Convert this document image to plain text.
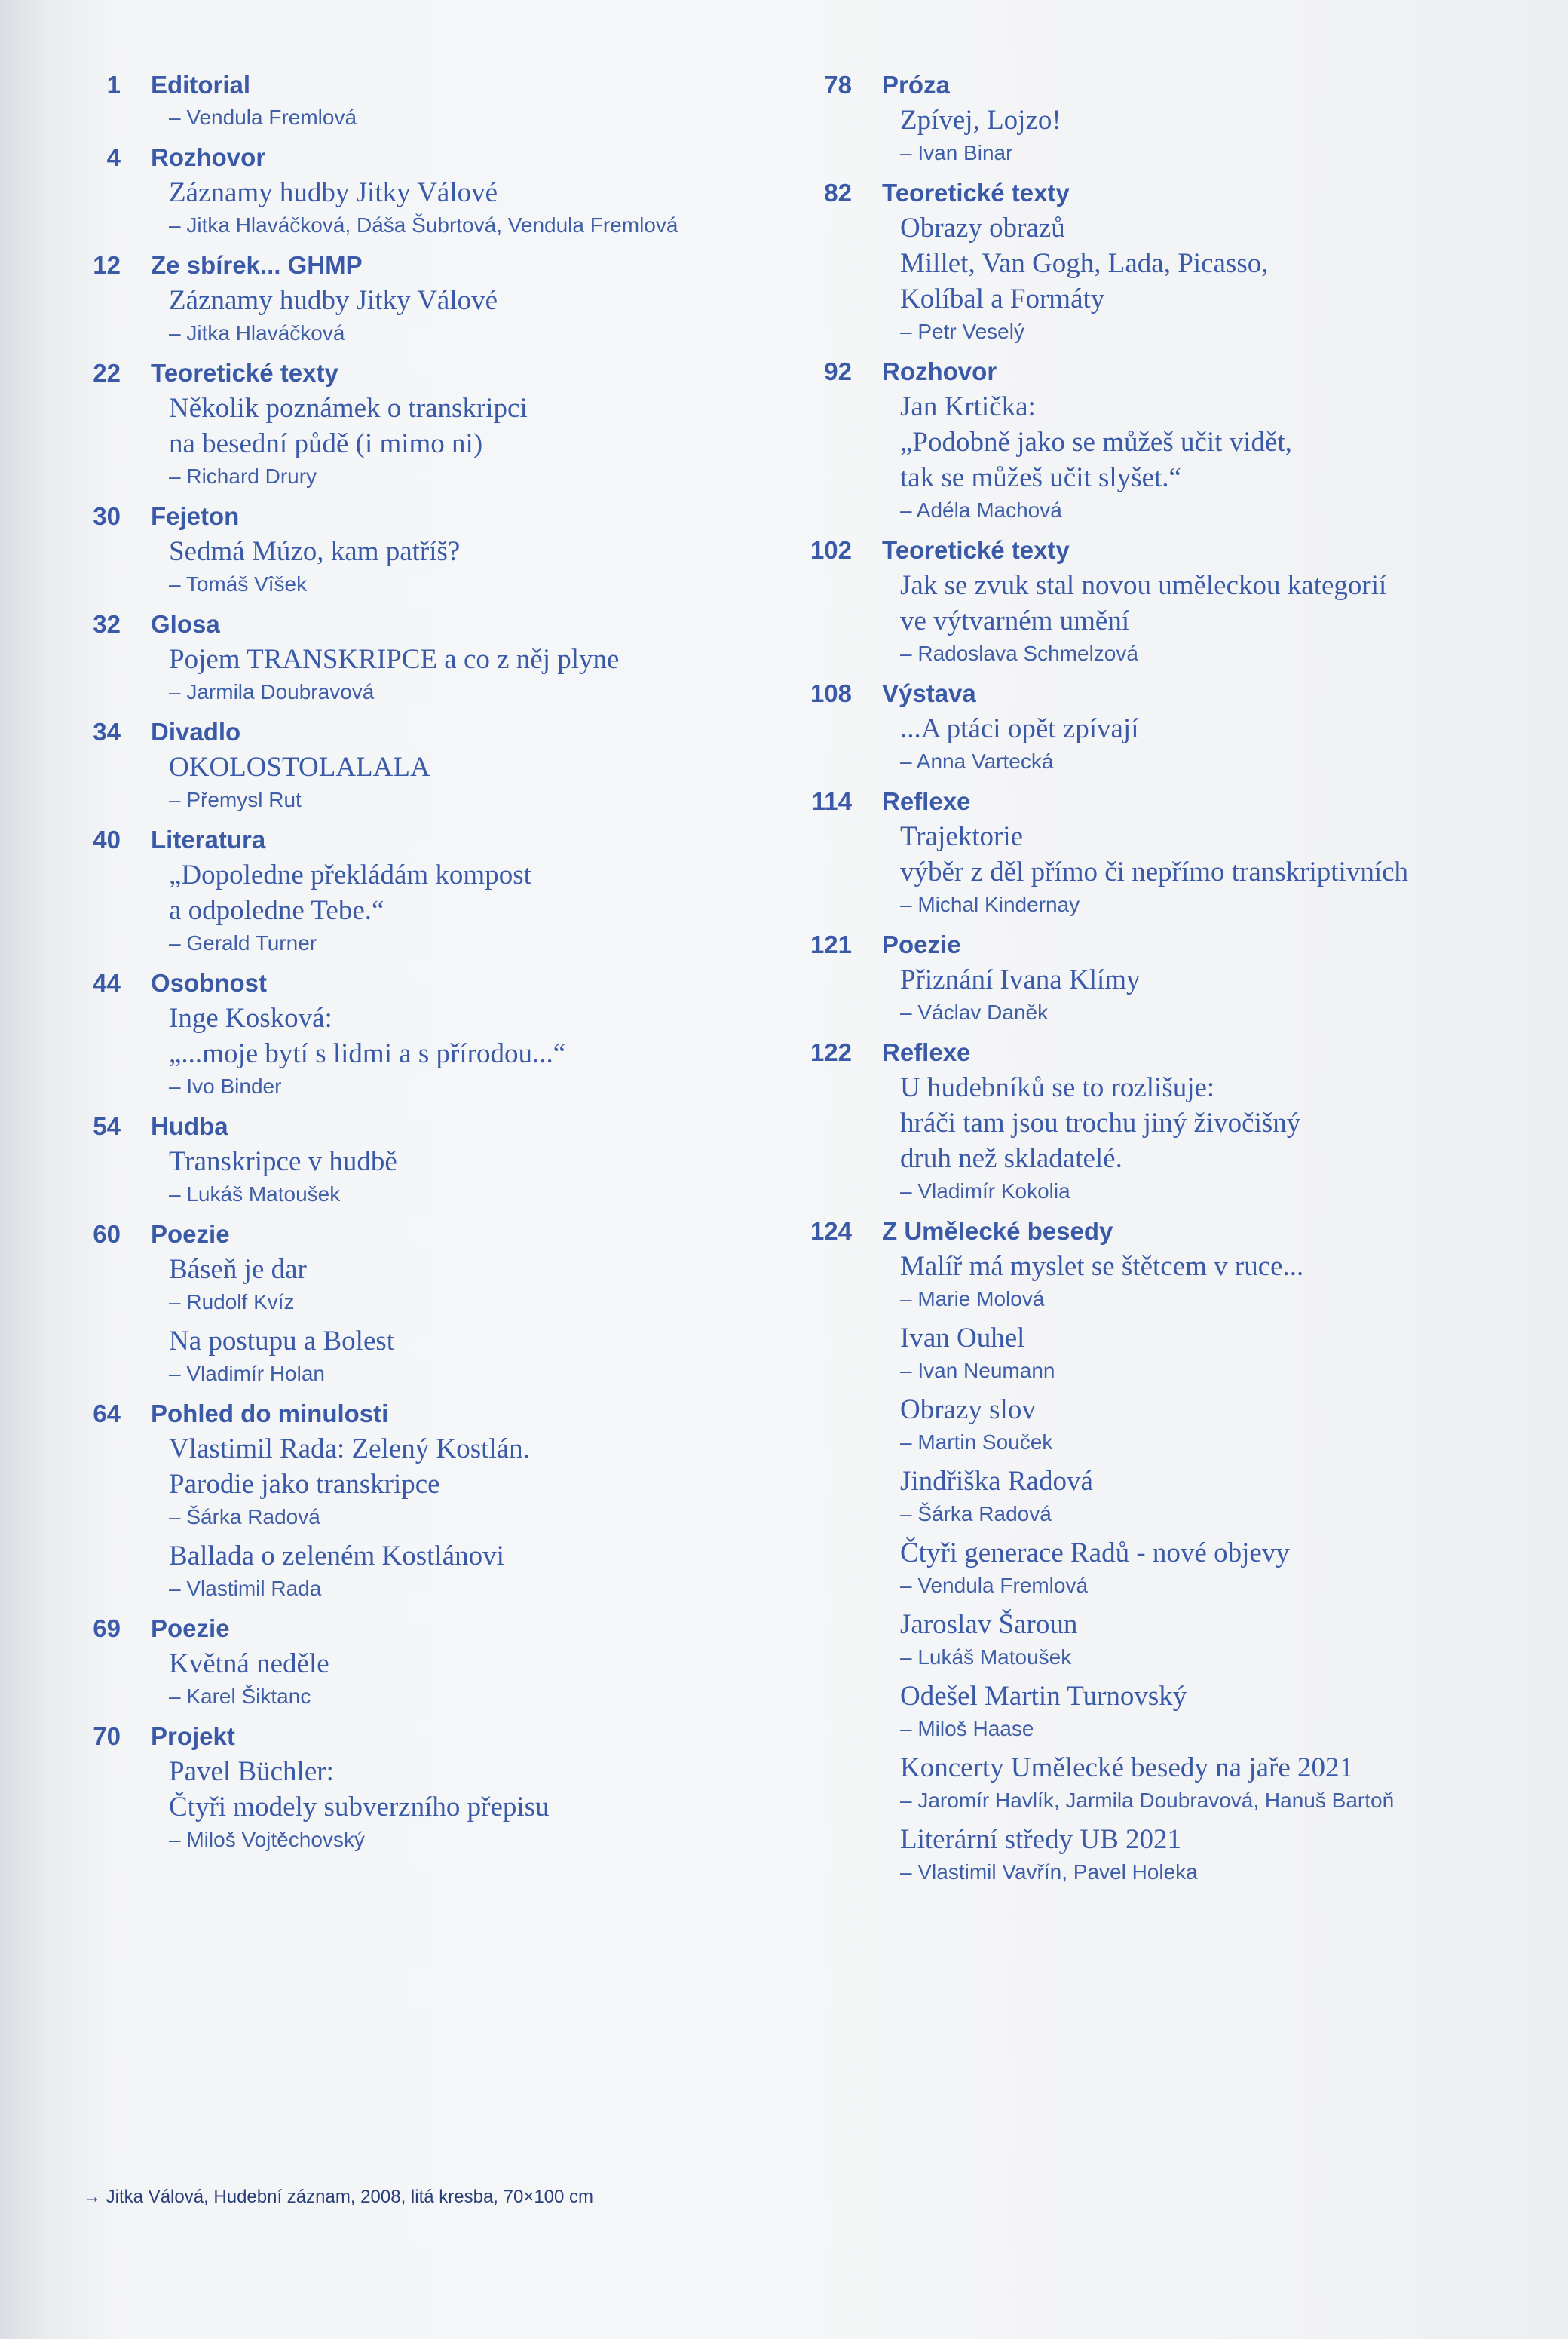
1 Editorial
– Vendula Fremlová
4 Rozhovor
Záznamy hudby Jitky Válové
– Jitka Hlaváčková, Dáša Šubrtová, Vendula Fremlová
12 Ze sbírek... GHMP
Záznamy hudby Jitky Válové
– Jitka Hlaváčková
22 Teoretické texty
Několik poznámek o transkripci
na besední půdě (i mimo ni)
– Richard Drury
30 Fejeton
Sedmá Múzo, kam patříš?
– Tomáš Vîšek
32 Glosa
Pojem TRANSKRIPCE a co z něj plyne
– Jarmila Doubravová
34 Divadlo
OKOLOSTOLALALA
– Přemysl Rut
40 Literatura
„Dopoledne překládám kompost
a odpoledne Tebe.“
– Gerald Turner
44 Osobnost
Inge Kosková:
„...moje bytí s lidmi a s přírodou...“
– Ivo Binder
54 Hudba
Transkripce v hudbě
– Lukáš Matoušek
60 Poezie
Báseň je dar
– Rudolf Kvíz
Na postupu a Bolest
– Vladimír Holan
64 Pohled do minulosti
Vlastimil Rada: Zelený Kostlán.
Parodie jako transkripce
– Šárka Radová
Ballada o zeleném Kostlánovi
– Vlastimil Rada
69 Poezie
Květná neděle
– Karel Šiktanc
70 Projekt
Pavel Büchler:
Čtyři modely subverzního přepisu
– Miloš Vojtěchovský
78 Próza
Zpívej, Lojzo!
– Ivan Binar
82 Teoretické texty
Obrazy obrazů
Millet, Van Gogh, Lada, Picasso,
Kolíbal a Formáty
– Petr Veselý
92 Rozhovor
Jan Krtička:
„Podobně jako se můžeš učit vidět,
tak se můžeš učit slyšet.“
– Adéla Machová
102 Teoretické texty
Jak se zvuk stal novou uměleckou kategorií
ve výtvarném umění
– Radoslava Schmelzová
108 Výstava
...A ptáci opět zpívají
– Anna Vartecká
114 Reflexe
Trajektorie
výběr z děl přímo či nepřímo transkriptivních
– Michal Kindernay
121 Poezie
Přiznání Ivana Klímy
– Václav Daněk
122 Reflexe
U hudebníků se to rozlišuje:
hráči tam jsou trochu jiný živočišný
druh než skladatelé.
– Vladimír Kokolia
124 Z Umělecké besedy
Malíř má myslet se štětcem v ruce...
– Marie Molová
Ivan Ouhel
– Ivan Neumann
Obrazy slov
– Martin Souček
Jindřiška Radová
– Šárka Radová
Čtyři generace Radů - nové objevy
– Vendula Fremlová
Jaroslav Šaroun
– Lukáš Matoušek
Odešel Martin Turnovský
– Miloš Haase
Koncerty Umělecké besedy na jaře 2021
– Jaromír Havlík, Jarmila Doubravová, Hanuš Bartoň
Literární středy UB 2021
– Vlastimil Vavřín, Pavel Holeka
→ Jitka Válová, Hudební záznam, 2008, litá kresba, 70×100 cm
